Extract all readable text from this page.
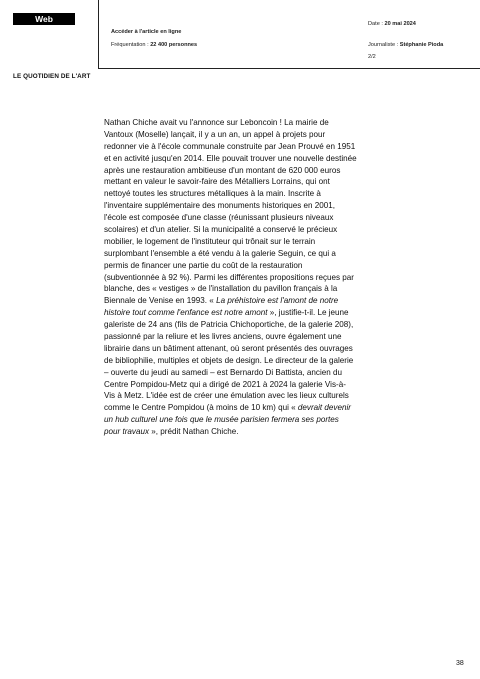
Web
Accéder à l'article en ligne
Fréquentation : 22 400 personnes
Date : 20 mai 2024
Journaliste : Stéphanie Pioda
2/2
LE QUOTIDIEN DE L'ART
Nathan Chiche avait vu l'annonce sur Leboncoin ! La mairie de
Vantoux (Moselle) lançait, il y a un an, un appel à projets pour
redonner vie à l'école communale construite par Jean Prouvé en 1951
et en activité jusqu'en 2014. Elle pouvait trouver une nouvelle destinée
après une restauration ambitieuse d'un montant de 620 000 euros
mettant en valeur le savoir-faire des Métalliers Lorrains, qui ont
nettoyé toutes les structures métalliques à la main. Inscrite à
l'inventaire supplémentaire des monuments historiques en 2001,
l'école est composée d'une classe (réunissant plusieurs niveaux
scolaires) et d'un atelier. Si la municipalité a conservé le précieux
mobilier, le logement de l'instituteur qui trônait sur le terrain
surplombant l'ensemble a été vendu à la galerie Seguin, ce qui a
permis de financer une partie du coût de la restauration
(subventionnée à 92 %). Parmi les différentes propositions reçues par
blanche, des « vestiges » de l'installation du pavillon français à la
Biennale de Venise en 1993. « La préhistoire est l'amont de notre
histoire tout comme l'enfance est notre amont », justifie-t-il. Le jeune
galeriste de 24 ans (fils de Patricia Chichoportiche, de la galerie 208),
passionné par la reliure et les livres anciens, ouvre également une
librairie dans un bâtiment attenant, où seront présentés des ouvrages
de bibliophilie, multiples et objets de design. Le directeur de la galerie
– ouverte du jeudi au samedi – est Bernardo Di Battista, ancien du
Centre Pompidou-Metz qui a dirigé de 2021 à 2024 la galerie Vis-à-
Vis à Metz. L'idée est de créer une émulation avec les lieux culturels
comme le Centre Pompidou (à moins de 10 km) qui « devrait devenir
un hub culturel une fois que le musée parisien fermera ses portes
pour travaux », prédit Nathan Chiche.
38
